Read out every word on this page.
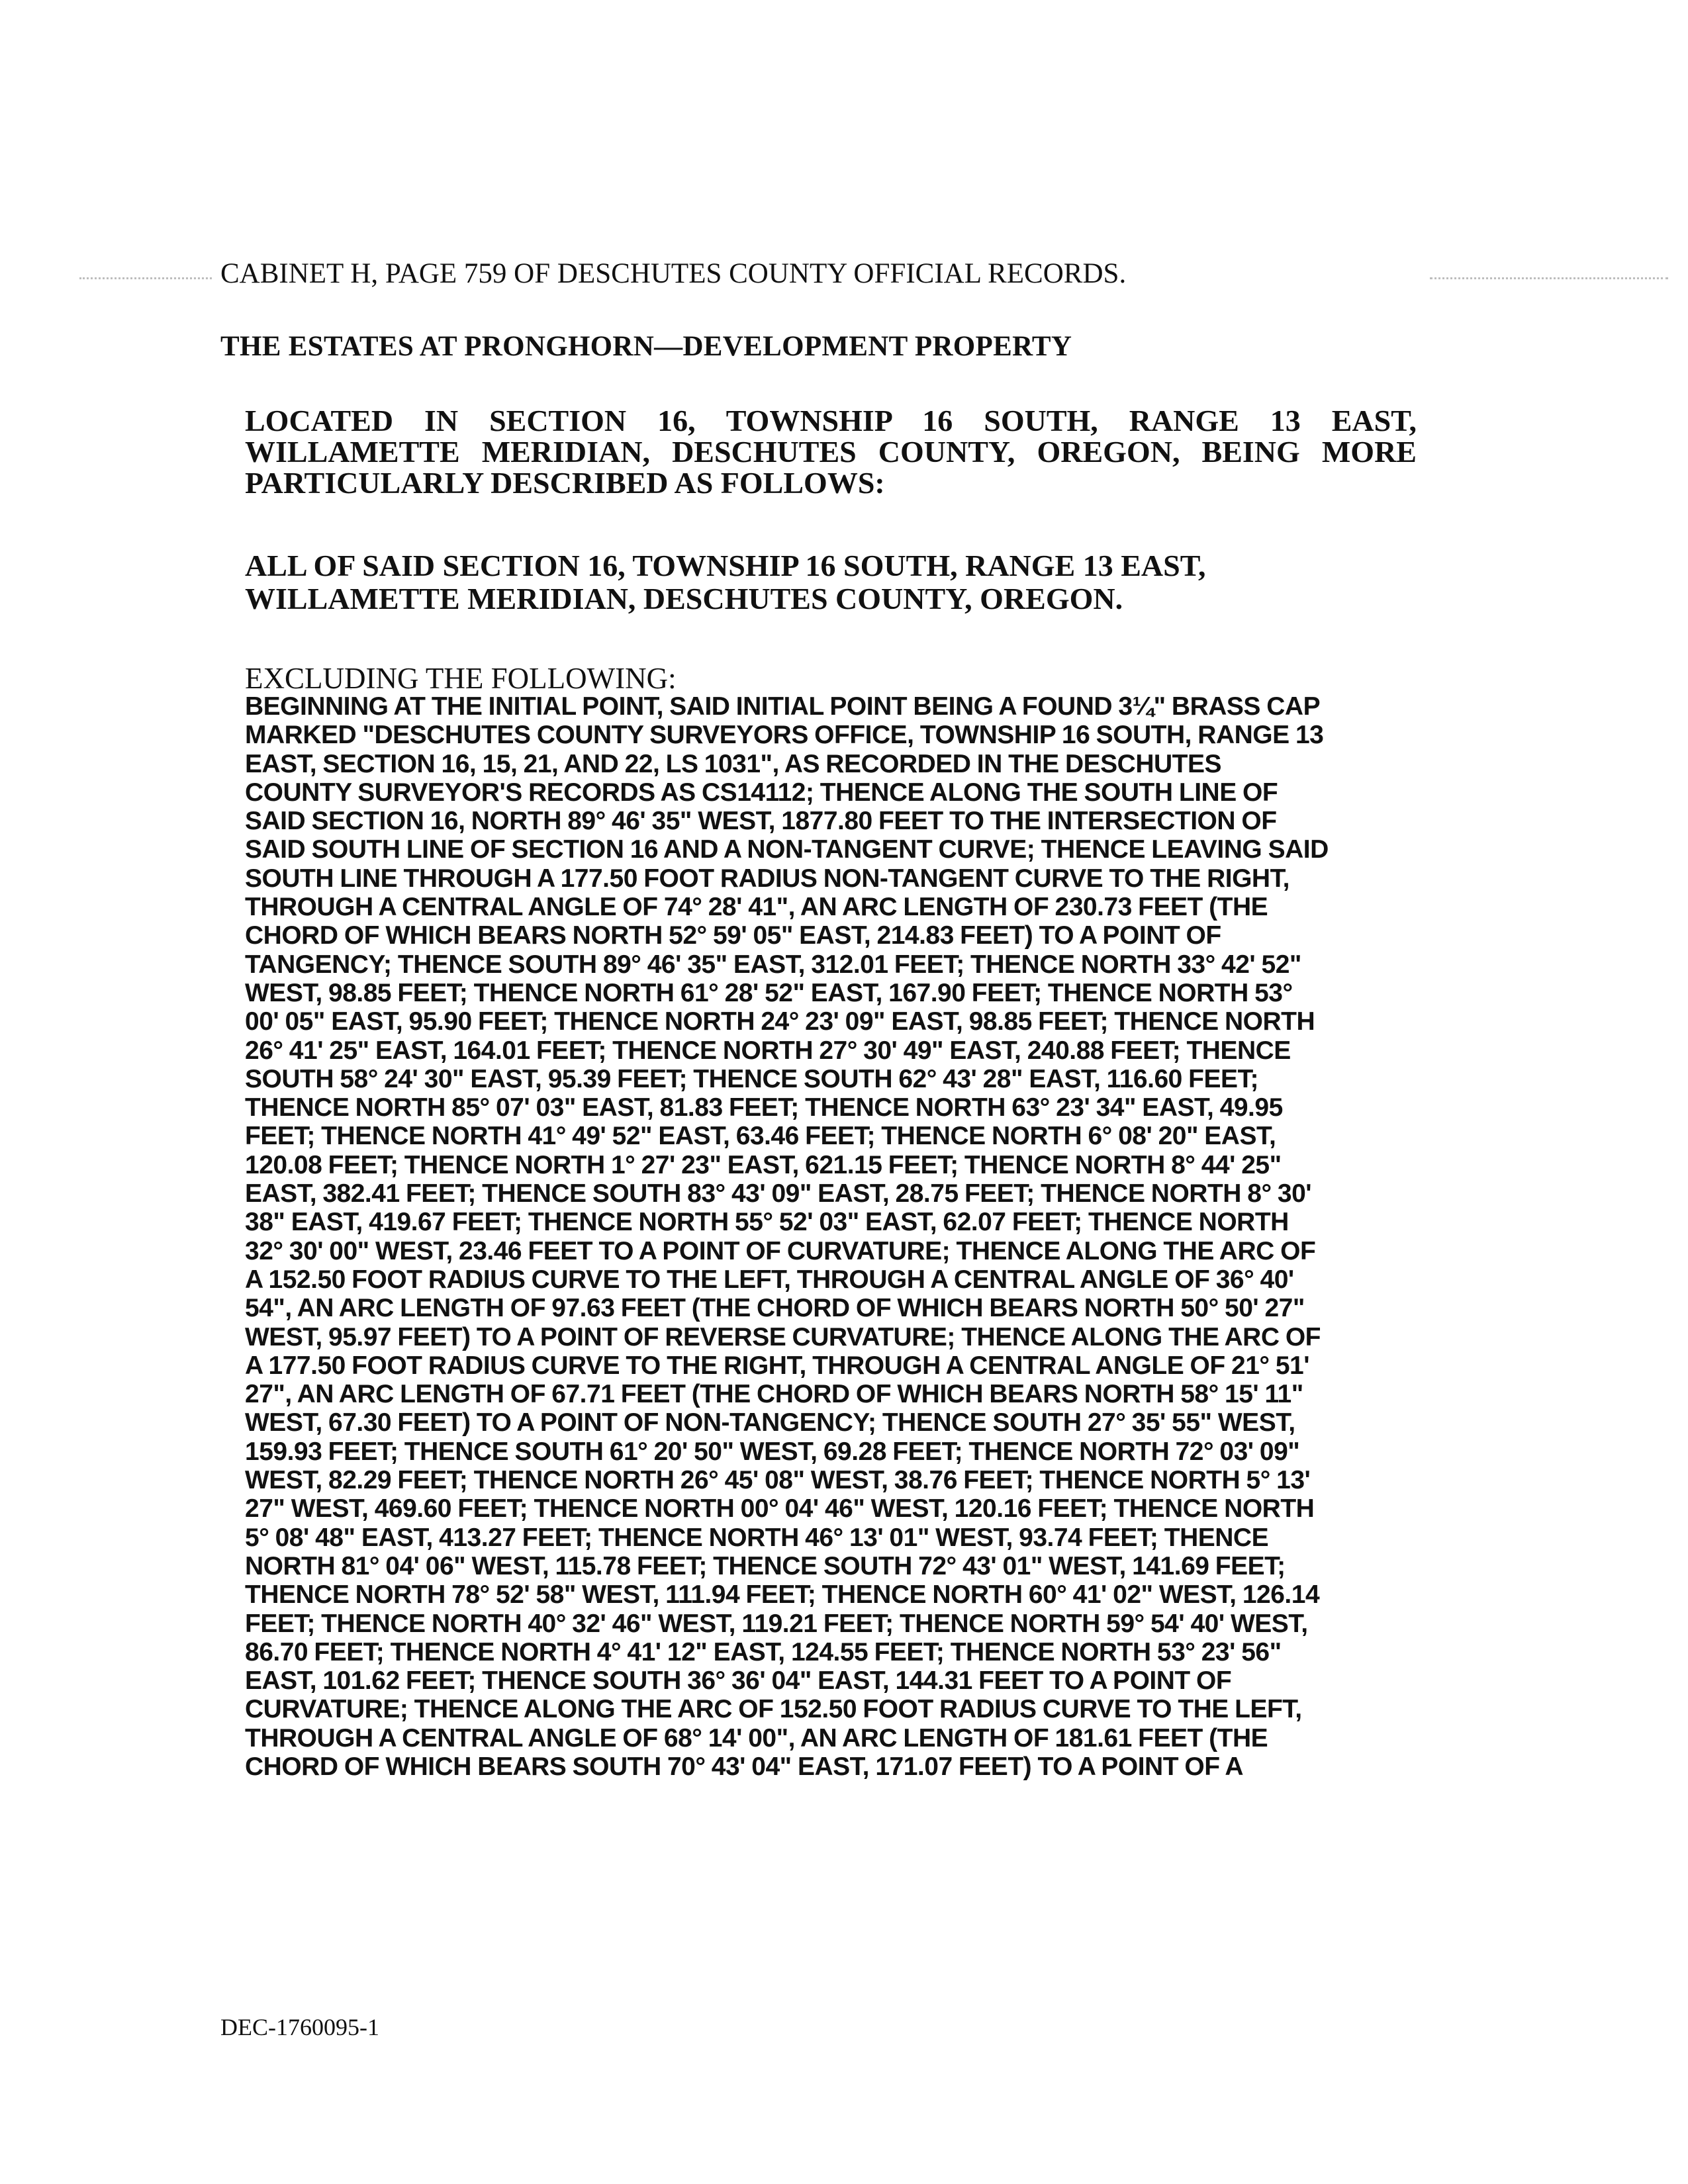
CABINET H, PAGE 759 OF DESCHUTES COUNTY OFFICIAL RECORDS.
THE ESTATES AT PRONGHORN—DEVELOPMENT PROPERTY
LOCATED IN SECTION 16, TOWNSHIP 16 SOUTH, RANGE 13 EAST, WILLAMETTE MERIDIAN, DESCHUTES COUNTY, OREGON, BEING MORE PARTICULARLY DESCRIBED AS FOLLOWS:
ALL OF SAID SECTION 16, TOWNSHIP 16 SOUTH, RANGE 13 EAST, WILLAMETTE MERIDIAN, DESCHUTES COUNTY, OREGON.
EXCLUDING THE FOLLOWING:
BEGINNING AT THE INITIAL POINT, SAID INITIAL POINT BEING A FOUND 3¼" BRASS CAP
MARKED "DESCHUTES COUNTY SURVEYORS OFFICE, TOWNSHIP 16 SOUTH, RANGE 13
EAST, SECTION 16, 15, 21, AND 22, LS 1031", AS RECORDED IN THE DESCHUTES
COUNTY SURVEYOR'S RECORDS AS CS14112; THENCE ALONG THE SOUTH LINE OF
SAID SECTION 16, NORTH 89° 46' 35" WEST, 1877.80 FEET TO THE INTERSECTION OF
SAID SOUTH LINE OF SECTION 16 AND A NON-TANGENT CURVE; THENCE LEAVING SAID
SOUTH LINE THROUGH A 177.50 FOOT RADIUS NON-TANGENT CURVE TO THE RIGHT,
THROUGH A CENTRAL ANGLE OF 74° 28' 41", AN ARC LENGTH OF 230.73 FEET (THE
CHORD OF WHICH BEARS NORTH 52° 59' 05" EAST, 214.83 FEET) TO A POINT OF
TANGENCY; THENCE SOUTH 89° 46' 35" EAST, 312.01 FEET; THENCE NORTH 33° 42' 52"
WEST, 98.85 FEET; THENCE NORTH 61° 28' 52" EAST, 167.90 FEET; THENCE NORTH 53°
00' 05" EAST, 95.90 FEET; THENCE NORTH 24° 23' 09" EAST, 98.85 FEET; THENCE NORTH
26° 41' 25" EAST, 164.01 FEET; THENCE NORTH 27° 30' 49" EAST, 240.88 FEET; THENCE
SOUTH 58° 24' 30" EAST, 95.39 FEET; THENCE SOUTH 62° 43' 28" EAST, 116.60 FEET;
THENCE NORTH 85° 07' 03" EAST, 81.83 FEET; THENCE NORTH 63° 23' 34" EAST, 49.95
FEET; THENCE NORTH 41° 49' 52" EAST, 63.46 FEET; THENCE NORTH 6° 08' 20" EAST,
120.08 FEET; THENCE NORTH 1° 27' 23" EAST, 621.15 FEET; THENCE NORTH 8° 44' 25"
EAST, 382.41 FEET; THENCE SOUTH 83° 43' 09" EAST, 28.75 FEET; THENCE NORTH 8° 30'
38" EAST, 419.67 FEET; THENCE NORTH 55° 52' 03" EAST, 62.07 FEET; THENCE NORTH
32° 30' 00" WEST, 23.46 FEET TO A POINT OF CURVATURE; THENCE ALONG THE ARC OF
A 152.50 FOOT RADIUS CURVE TO THE LEFT, THROUGH A CENTRAL ANGLE OF 36° 40'
54", AN ARC LENGTH OF 97.63 FEET (THE CHORD OF WHICH BEARS NORTH 50° 50' 27"
WEST, 95.97 FEET) TO A POINT OF REVERSE CURVATURE; THENCE ALONG THE ARC OF
A 177.50 FOOT RADIUS CURVE TO THE RIGHT, THROUGH A CENTRAL ANGLE OF 21° 51'
27", AN ARC LENGTH OF 67.71 FEET (THE CHORD OF WHICH BEARS NORTH 58° 15' 11"
WEST, 67.30 FEET) TO A POINT OF NON-TANGENCY; THENCE SOUTH 27° 35' 55" WEST,
159.93 FEET; THENCE SOUTH 61° 20' 50" WEST, 69.28 FEET; THENCE NORTH 72° 03' 09"
WEST, 82.29 FEET; THENCE NORTH 26° 45' 08" WEST, 38.76 FEET; THENCE NORTH 5° 13'
27" WEST, 469.60 FEET; THENCE NORTH 00° 04' 46" WEST, 120.16 FEET; THENCE NORTH
5° 08' 48" EAST, 413.27 FEET; THENCE NORTH 46° 13' 01" WEST, 93.74 FEET; THENCE
NORTH 81° 04' 06" WEST, 115.78 FEET; THENCE SOUTH 72° 43' 01" WEST, 141.69 FEET;
THENCE NORTH 78° 52' 58" WEST, 111.94 FEET; THENCE NORTH 60° 41' 02" WEST, 126.14
FEET; THENCE NORTH 40° 32' 46" WEST, 119.21 FEET; THENCE NORTH 59° 54' 40' WEST,
86.70 FEET; THENCE NORTH 4° 41' 12" EAST, 124.55 FEET; THENCE NORTH 53° 23' 56"
EAST, 101.62 FEET; THENCE SOUTH 36° 36' 04" EAST, 144.31 FEET TO A POINT OF
CURVATURE; THENCE ALONG THE ARC OF 152.50 FOOT RADIUS CURVE TO THE LEFT,
THROUGH A CENTRAL ANGLE OF 68° 14' 00", AN ARC LENGTH OF 181.61 FEET (THE
CHORD OF WHICH BEARS SOUTH 70° 43' 04" EAST, 171.07 FEET) TO A POINT OF A
DEC-1760095-1
